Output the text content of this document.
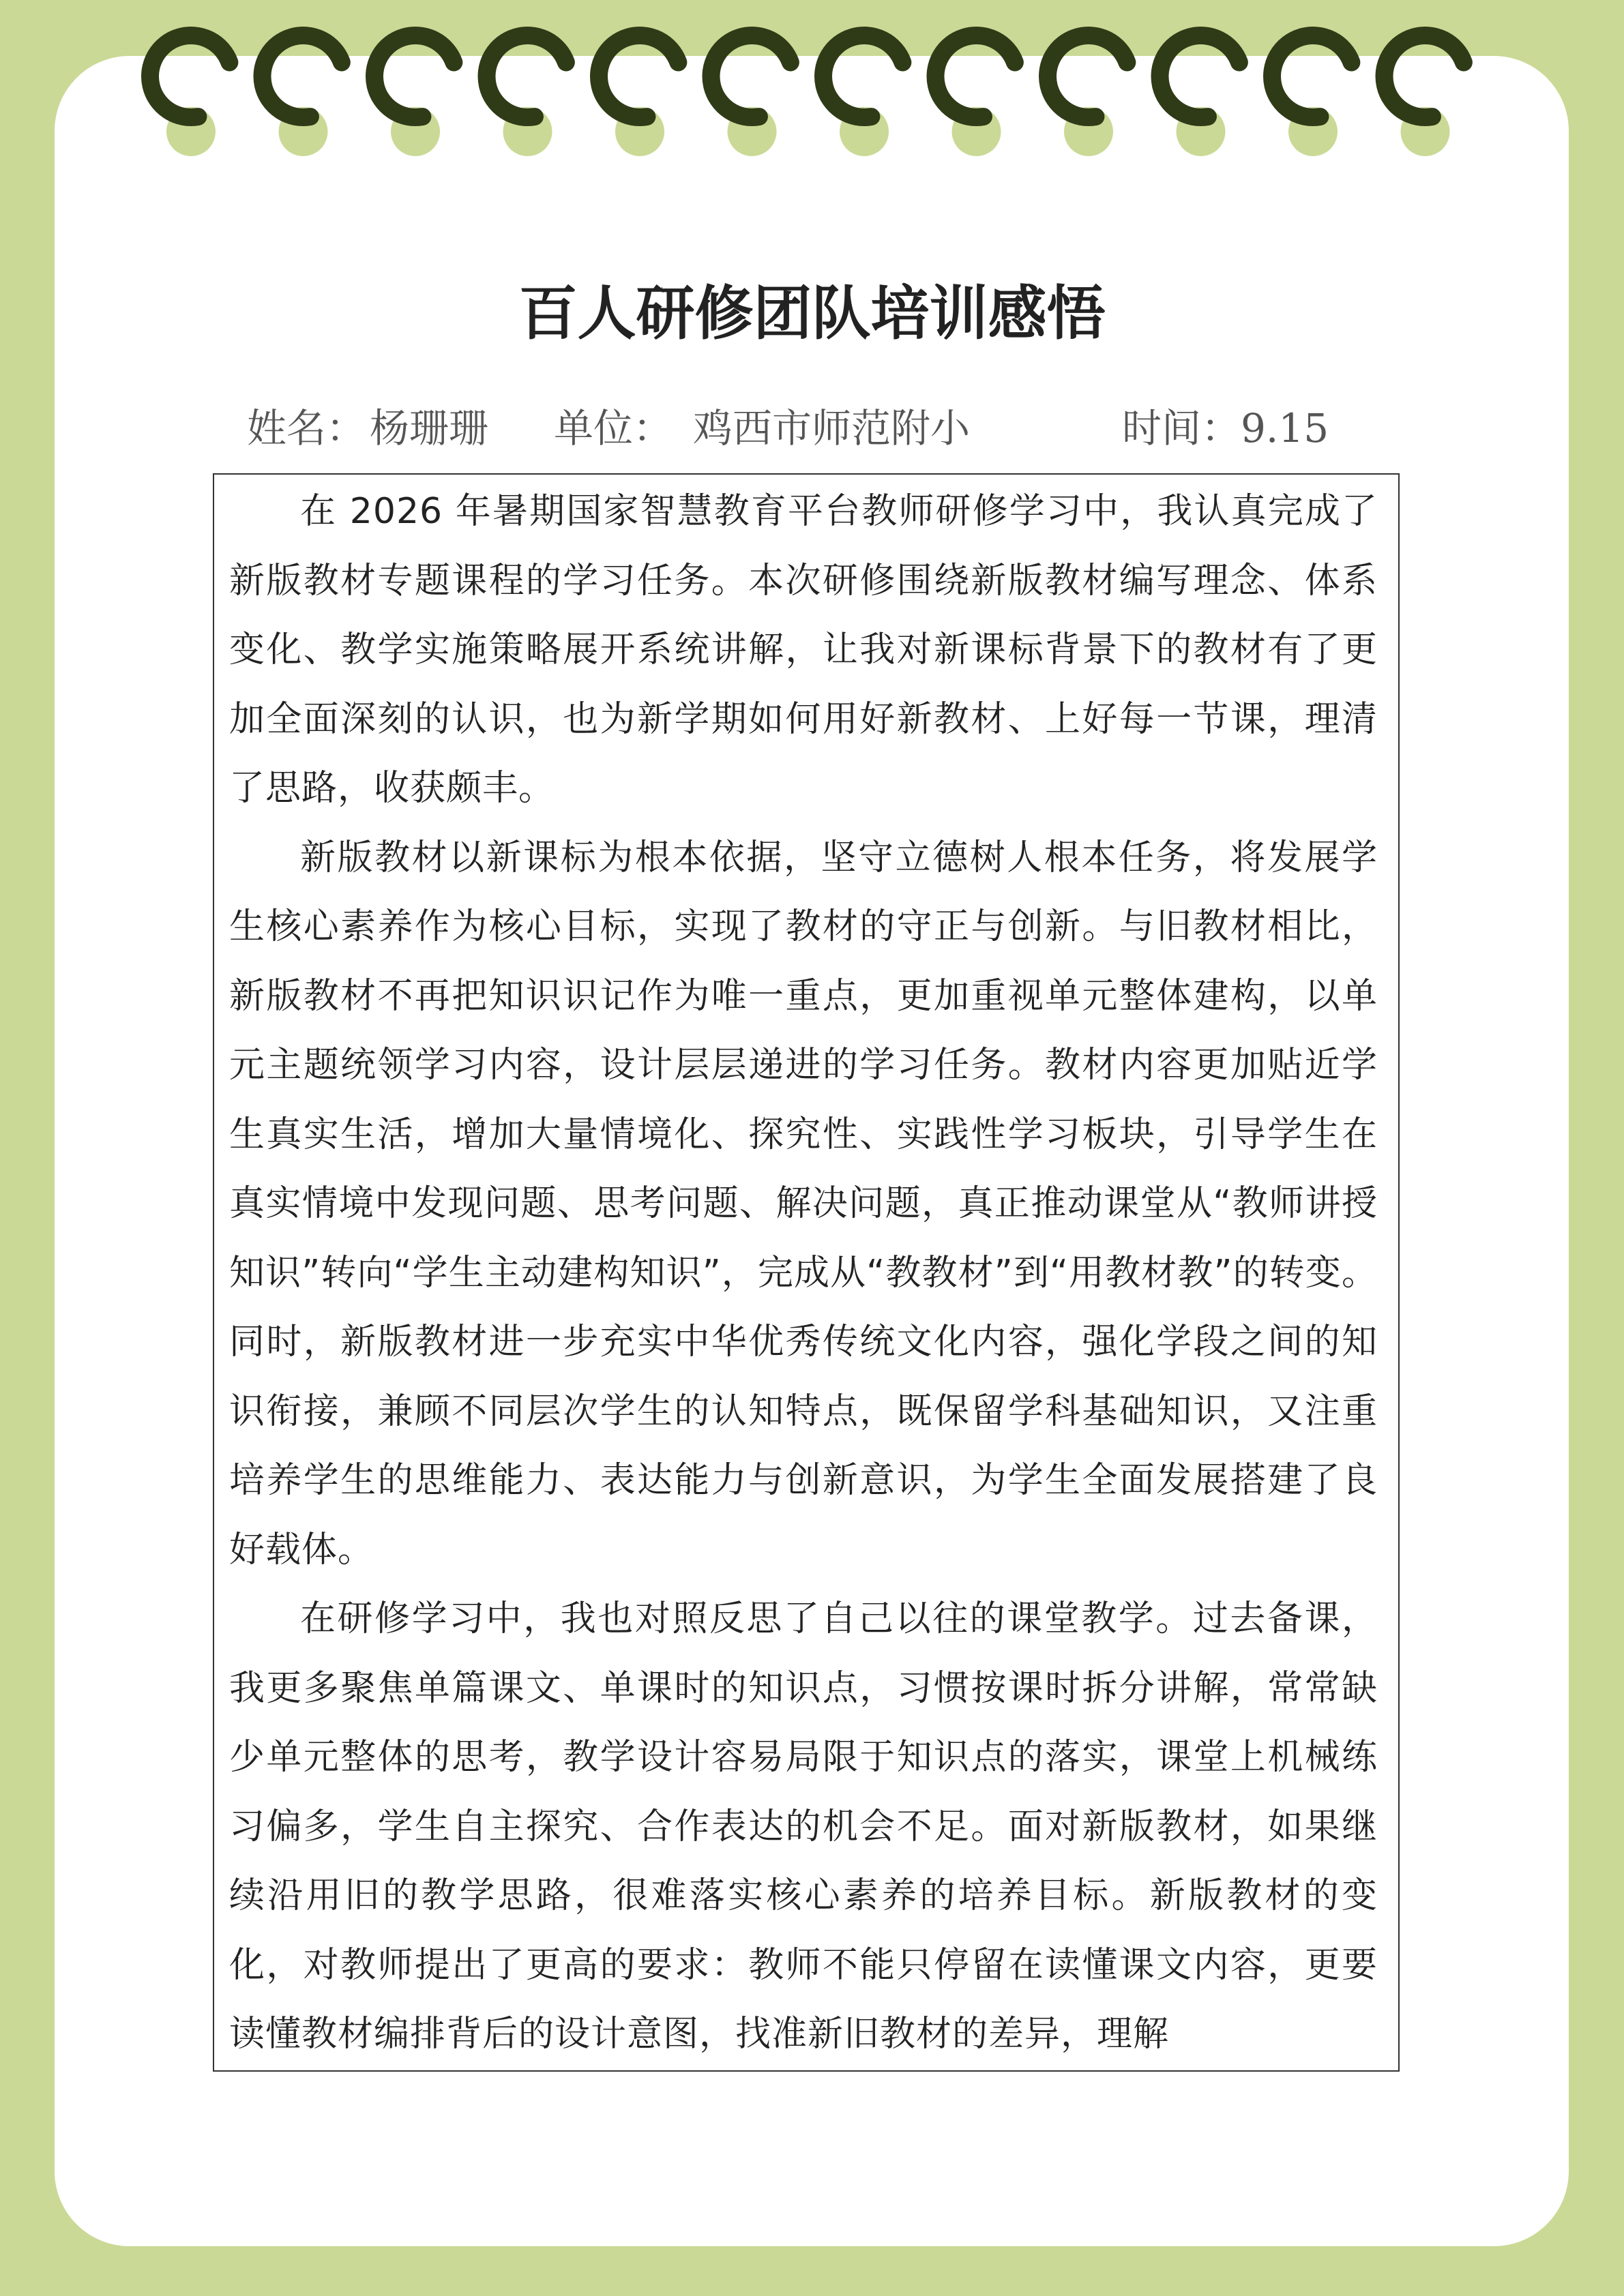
百人研修团队培训感悟
姓名： 杨珊珊 单位： 鸡西市师范附小	时间：9.15

在 2026 年暑期国家智慧教育平台教师研修学习中，我认真完成了新版教材专题课程的学习任务。本次研修围绕新版教材编写理念、体系变化、教学实施策略展开系统讲解，让我对新课标背景下的教材有了更加全面深刻的认识，也为新学期如何用好新教材、上好每一节课，理清了思路，收获颇丰。

新版教材以新课标为根本依据，坚守立德树人根本任务，将发展学生核心素养作为核心目标，实现了教材的守正与创新。与旧教材相比，新版教材不再把知识识记作为唯一重点，更加重视单元整体建构，以单元主题统领学习内容，设计层层递进的学习任务。教材内容更加贴近学生真实生活，增加大量情境化、探究性、实践性学习板块，引导学生在真实情境中发现问题、思考问题、解决问题，真正推动课堂从“教师讲授知识”转向“学生主动建构知识”，完成从“教教材”到“用教材教”的转变。同时，新版教材进一步充实中华优秀传统文化内容，强化学段之间的知识衔接，兼顾不同层次学生的认知特点，既保留学科基础知识，又注重培养学生的思维能力、表达能力与创新意识，为学生全面发展搭建了良好载体。

在研修学习中，我也对照反思了自己以往的课堂教学。过去备课，我更多聚焦单篇课文、单课时的知识点，习惯按课时拆分讲解，常常缺少单元整体的思考，教学设计容易局限于知识点的落实，课堂上机械练习偏多，学生自主探究、合作表达的机会不足。面对新版教材，如果继续沿用旧的教学思路，很难落实核心素养的培养目标。新版教材的变化，对教师提出了更高的要求：教师不能只停留在读懂课文内容，更要读懂教材编排背后的设计意图，找准新旧教材的差异，理解
